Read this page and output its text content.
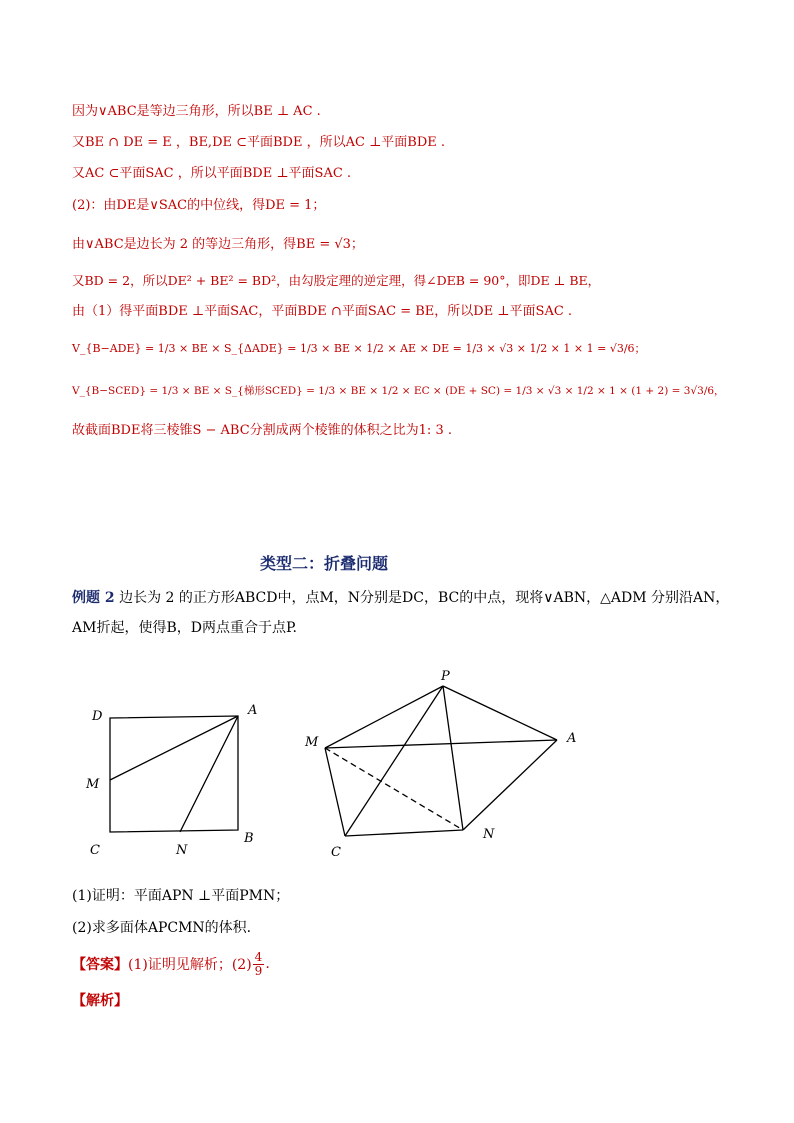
因为∨ABC是等边三角形，所以BE ⊥ AC .
又BE ∩ DE = E ，BE,DE ⊂平面BDE ，所以AC ⊥平面BDE .
又AC ⊂平面SAC ，所以平面BDE ⊥平面SAC .
(2)：由DE是∨SAC的中位线，得DE = 1；
由∨ABC是边长为 2 的等边三角形，得BE = √3；
又BD = 2，所以DE² + BE² = BD²，由勾股定理的逆定理，得∠DEB = 90°，即DE ⊥ BE，
由（1）得平面BDE ⊥平面SAC，平面BDE ∩平面SAC = BE，所以DE ⊥平面SAC .
V_{B−ADE} = 1/3 × BE × S_{ΔADE} = 1/3 × BE × 1/2 × AE × DE = 1/3 × √3 × 1/2 × 1 × 1 = √3/6；
V_{B−SCED} = 1/3 × BE × S_{梯形SCED} = 1/3 × BE × 1/2 × EC × (DE + SC) = 1/3 × √3 × 1/2 × 1 × (1 + 2) = 3√3/6，
故截面BDE将三棱锥S − ABC分割成两个棱锥的体积之比为1: 3 .
类型二：折叠问题
例题 2 边长为 2 的正方形ABCD中，点M，N分别是DC，BC的中点，现将∨ABN，△ADM 分别沿AN，
AM折起，使得B，D两点重合于点P.
D	A
M
C	N
B
P
M	A
C
N
(1)证明：平面APN ⊥平面PMN；
(2)求多面体APCMN的体积.
【答案】 (1)证明见解析；$(2) \frac{4}{9}$ .
【解析】
